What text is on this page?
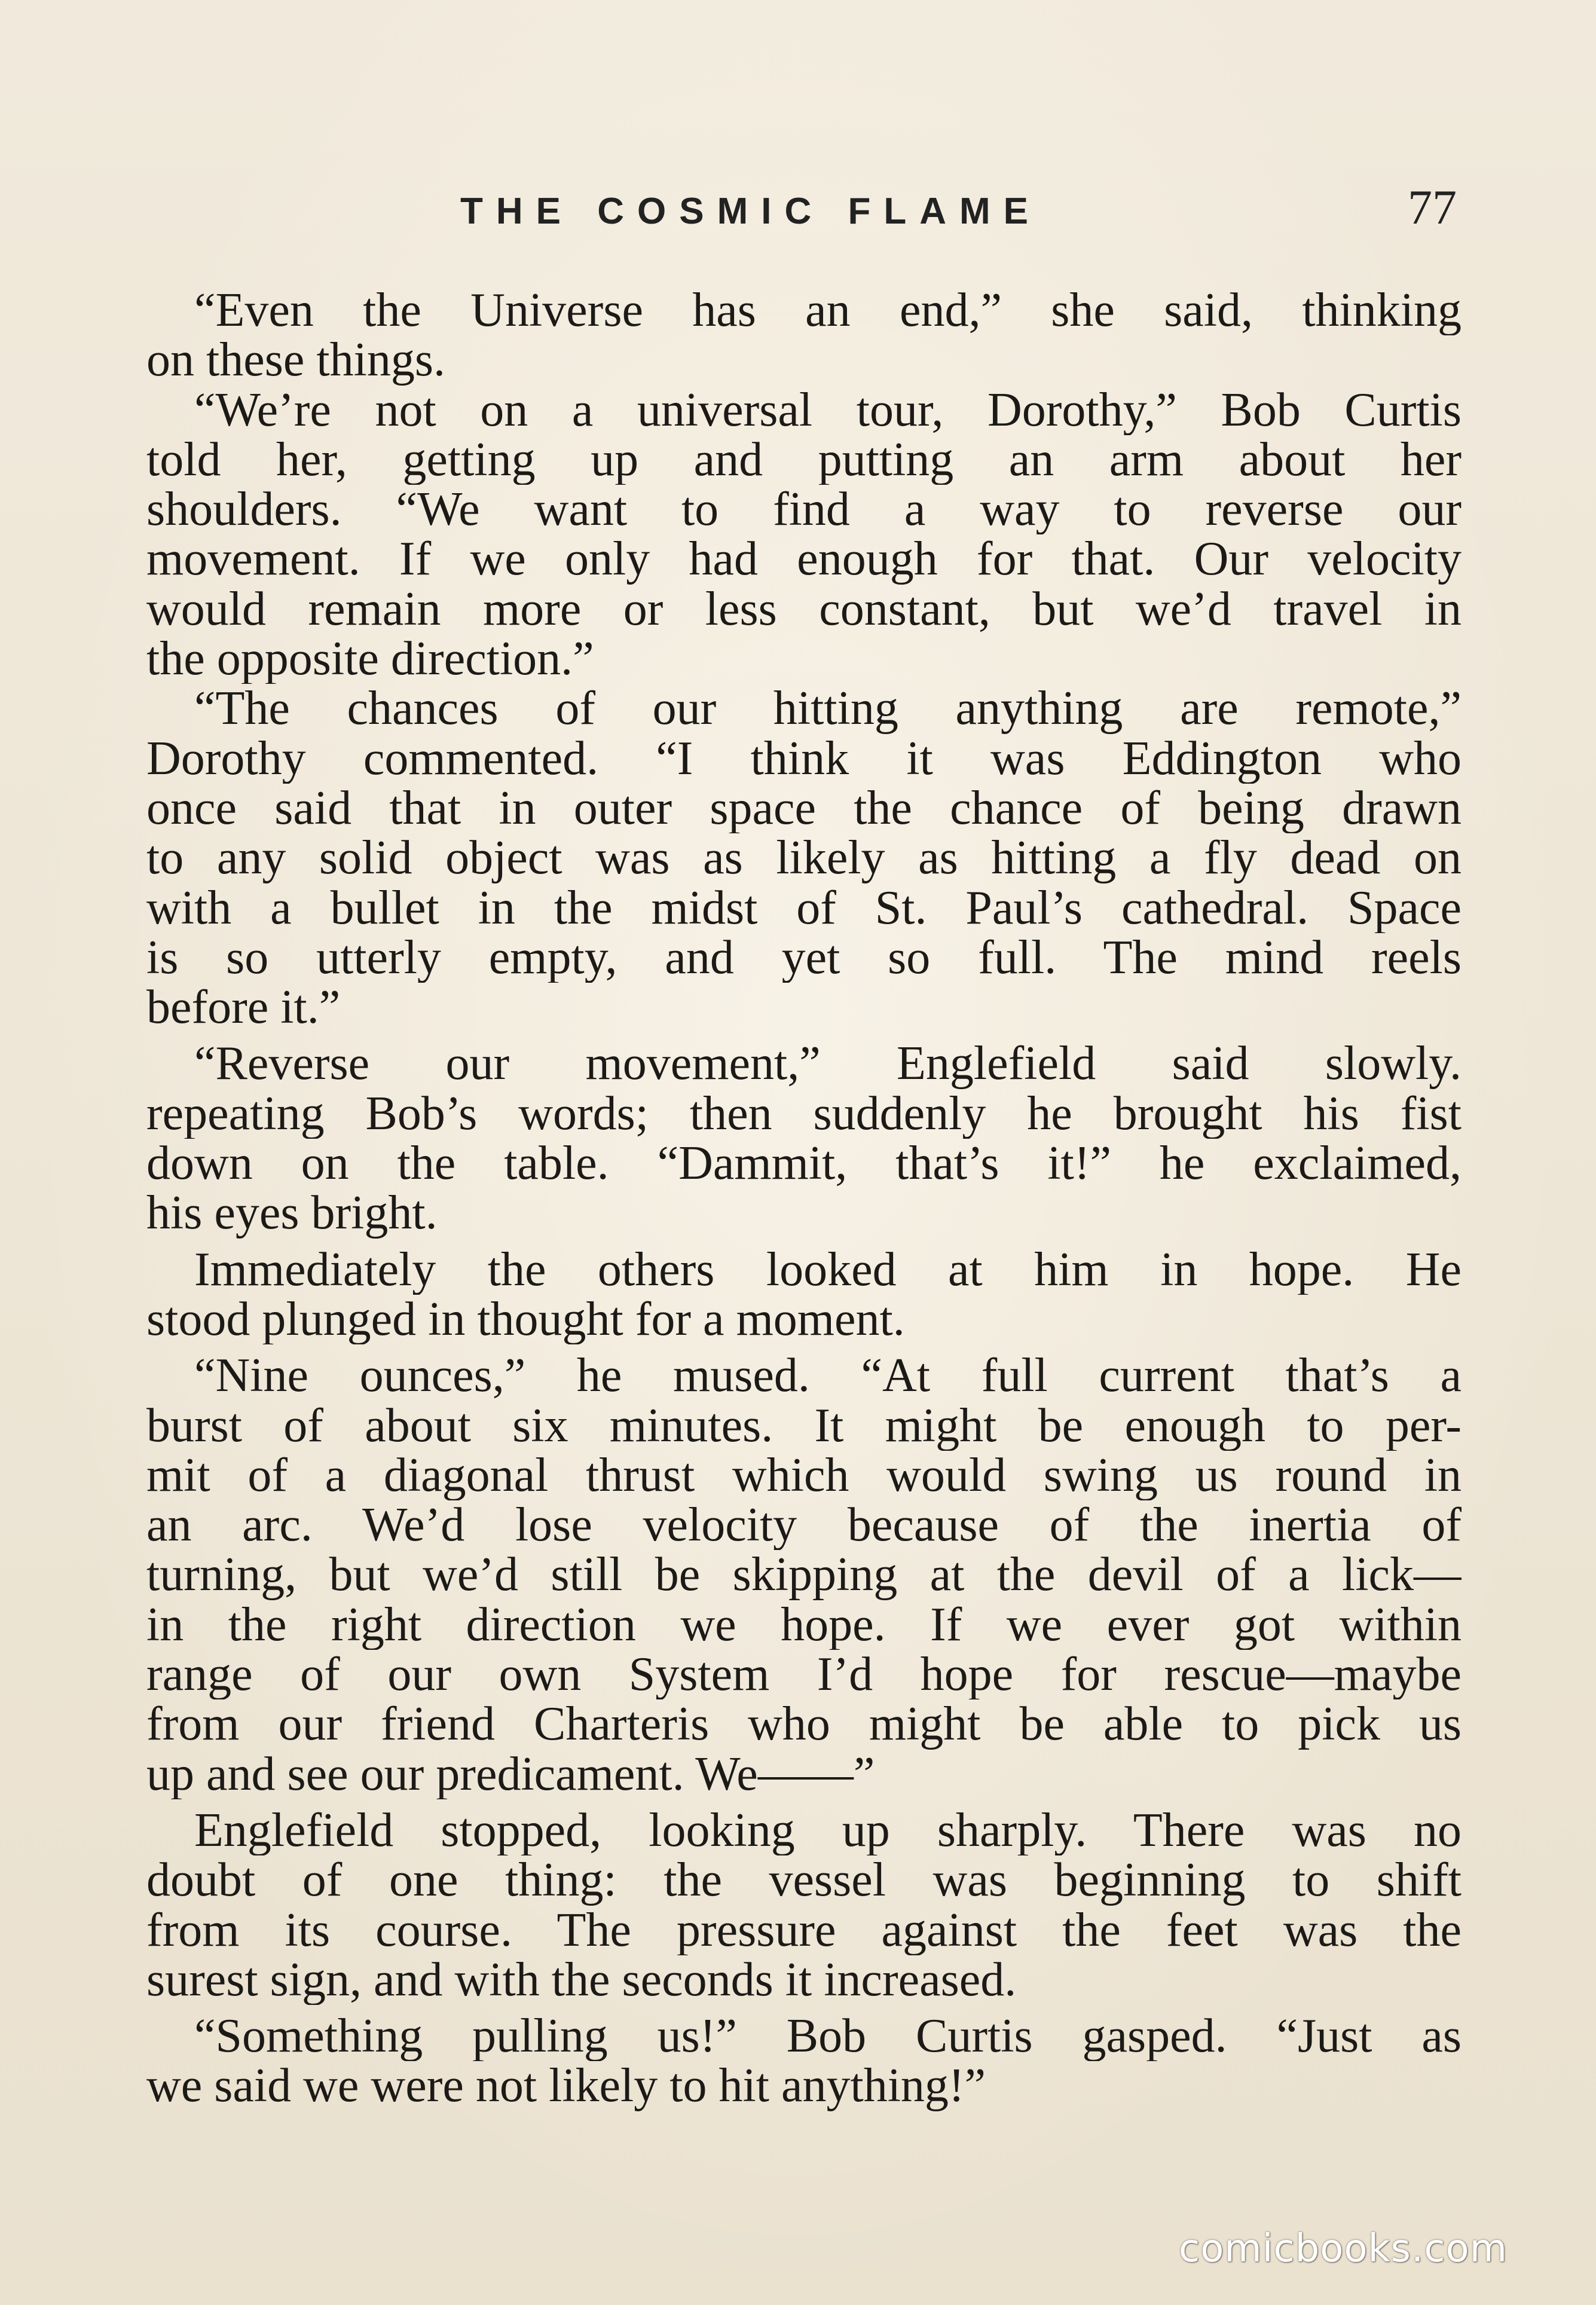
THE COSMIC FLAME	77
“Even the Universe has an end,” she said, thinking
on these things.
“We’re not on a universal tour, Dorothy,” Bob Curtis
told her, getting up and putting an arm about her
shoulders. “We want to find a way to reverse our
movement. If we only had enough for that. Our velocity
would remain more or less constant, but we’d travel in
the opposite direction.”
“The chances of our hitting anything are remote,”
Dorothy commented. “I think it was Eddington who
once said that in outer space the chance of being drawn
to any solid object was as likely as hitting a fly dead on
with a bullet in the midst of St. Paul’s cathedral. Space
is so utterly empty, and yet so full. The mind reels
before it.”
“Reverse our movement,” Englefield said slowly.
repeating Bob’s words; then suddenly he brought his fist
down on the table. “Dammit, that’s it!” he exclaimed,
his eyes bright.
Immediately the others looked at him in hope. He
stood plunged in thought for a moment.
“Nine ounces,” he mused. “At full current that’s a
burst of about six minutes. It might be enough to per-
mit of a diagonal thrust which would swing us round in
an arc. We’d lose velocity because of the inertia of
turning, but we’d still be skipping at the devil of a lick—
in the right direction we hope. If we ever got within
range of our own System I’d hope for rescue—maybe
from our friend Charteris who might be able to pick us
up and see our predicament. We——”
Englefield stopped, looking up sharply. There was no
doubt of one thing: the vessel was beginning to shift
from its course. The pressure against the feet was the
surest sign, and with the seconds it increased.
“Something pulling us!” Bob Curtis gasped. “Just as
we said we were not likely to hit anything!”
comicbooks.com
